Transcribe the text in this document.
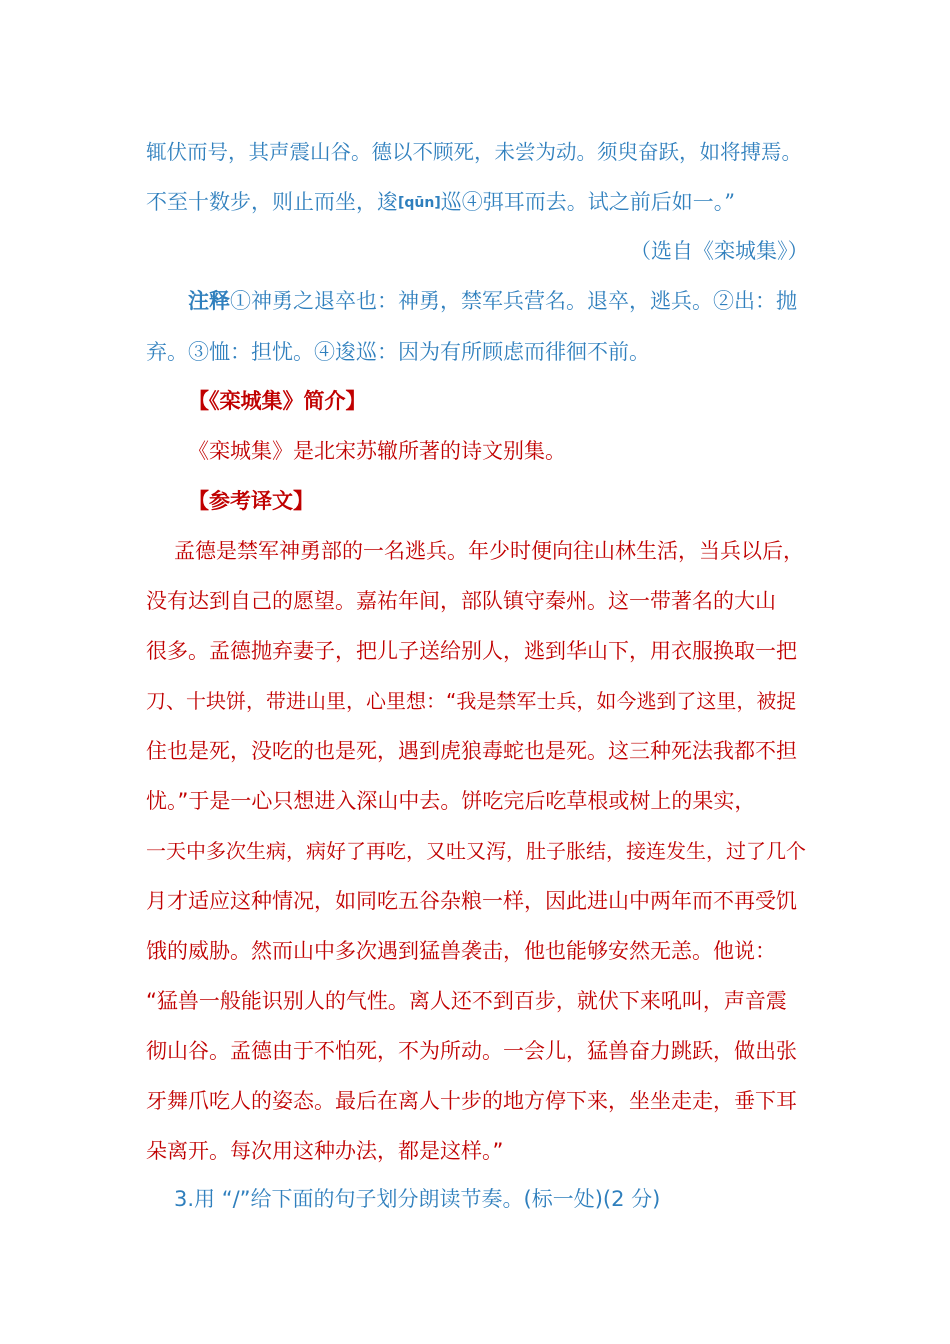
辄伏而号，其声震山谷。德以不顾死，未尝为动。须臾奋跃，如将搏焉。
不至十数步，则止而坐，逡[qūn]巡④弭耳而去。试之前后如一。”
（选自《栾城集》）
注释①神勇之退卒也：神勇，禁军兵营名。退卒，逃兵。②出：抛
弃。③恤：担忧。④逡巡：因为有所顾虑而徘徊不前。
【《栾城集》简介】
《栾城集》是北宋苏辙所著的诗文别集。
【参考译文】
孟德是禁军神勇部的一名逃兵。年少时便向往山林生活，当兵以后，
没有达到自己的愿望。嘉祐年间，部队镇守秦州。这一带著名的大山
很多。孟德抛弃妻子，把儿子送给别人，逃到华山下，用衣服换取一把
刀、十块饼，带进山里，心里想：“我是禁军士兵，如今逃到了这里，被捉
住也是死，没吃的也是死，遇到虎狼毒蛇也是死。这三种死法我都不担
忧。”于是一心只想进入深山中去。饼吃完后吃草根或树上的果实，
一天中多次生病，病好了再吃，又吐又泻，肚子胀结，接连发生，过了几个
月才适应这种情况，如同吃五谷杂粮一样，因此进山中两年而不再受饥
饿的威胁。然而山中多次遇到猛兽袭击，他也能够安然无恙。他说：
“猛兽一般能识别人的气性。离人还不到百步，就伏下来吼叫，声音震
彻山谷。孟德由于不怕死，不为所动。一会儿，猛兽奋力跳跃，做出张
牙舞爪吃人的姿态。最后在离人十步的地方停下来，坐坐走走，垂下耳
朵离开。每次用这种办法，都是这样。”
3.用 “/”给下面的句子划分朗读节奏。(标一处)(2 分)
